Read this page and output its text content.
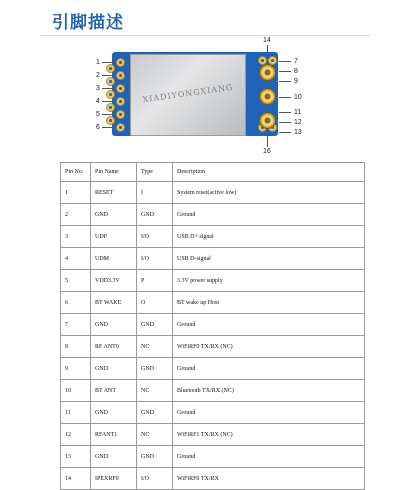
引脚描述
XIADIYONGXIANG
1
2
3
4
5
6
7
8
9
10
11
12
13
14
16
Pin No.	Pin Name	Type	Description
1	RESET	I	System reset(active low)
2	GND	GND	Ground
3	UDP	I/O	USB D+ signal
4	UDM	I/O	USB D-signal
5	VDD3.3V	P	3.3V power supply
6	BT WAKE	O	BT wake up Host
7	GND	GND	Ground
8	RF ANT0	NC	WiFiRF0 TX/RX (NC)
9	GND	GND	Ground
10	BT ANT	NC	Bluetooth TX/RX (NC)
11	GND	GND	Ground
12	RFANT1	NC	WiFiRF1 TX/RX (NC)
13	GND	GND	Ground
14	IPEXRF0	I/O	WiFiRF0 TX/RX
